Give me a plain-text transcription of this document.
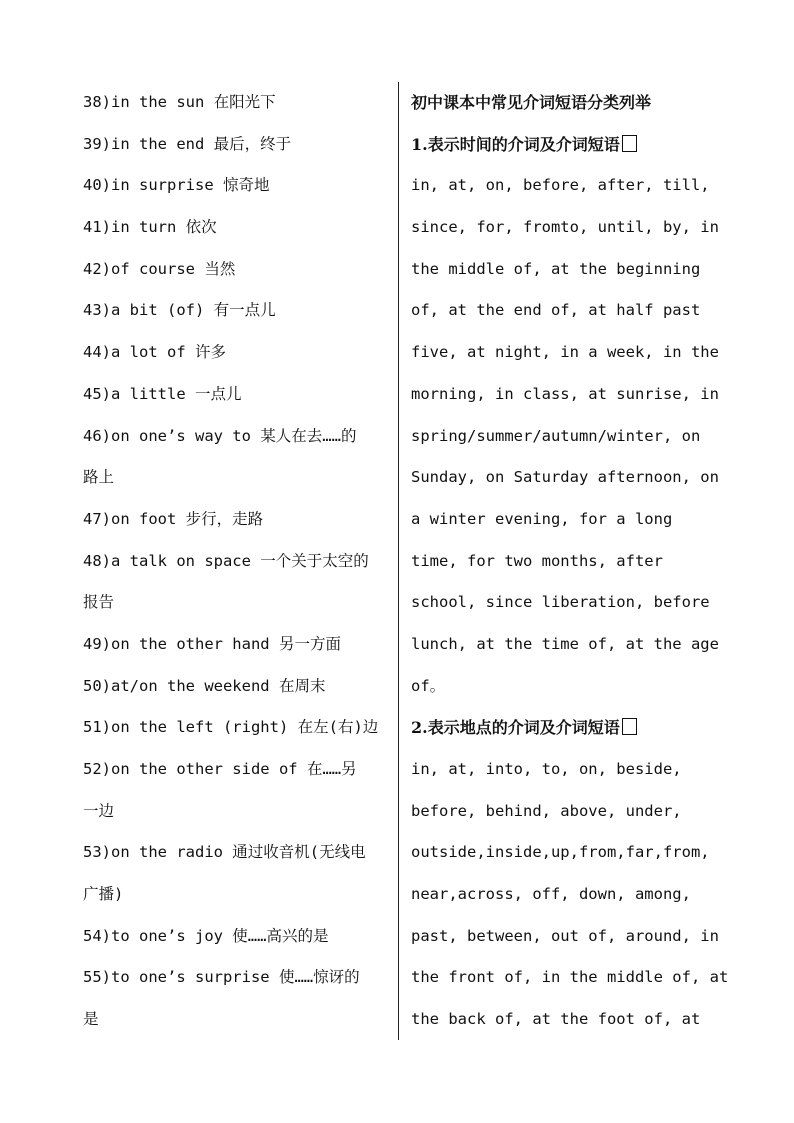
38)in the sun 在阳光下
39)in the end 最后，终于
40)in surprise 惊奇地
41)in turn 依次
42)of course 当然
43)a bit (of) 有一点儿
44)a lot of 许多
45)a little 一点儿
46)on one’s way to 某人在去……的
路上
47)on foot 步行，走路
48)a talk on space 一个关于太空的
报告
49)on the other hand 另一方面
50)at/on the weekend 在周末
51)on the left (right) 在左(右)边
52)on the other side of 在……另
一边
53)on the radio 通过收音机(无线电
广播)
54)to one’s joy 使……高兴的是
55)to one’s surprise 使……惊讶的
是
初中课本中常见介词短语分类列举
1.表示时间的介词及介词短语
in, at, on, before, after, till,
since, for, fromto, until, by, in
the middle of, at the beginning
of, at the end of, at half past
five, at night, in a week, in the
morning, in class, at sunrise, in
spring/summer/autumn/winter, on
Sunday, on Saturday afternoon, on
a winter evening, for a long
time, for two months, after
school, since liberation, before
lunch, at the time of, at the age
of。
2.表示地点的介词及介词短语
in, at, into, to, on, beside,
before, behind, above, under,
outside,inside,up,from,far,from,
near,across, off, down, among,
past, between, out of, around, in
the front of, in the middle of, at
the back of, at the foot of, at
